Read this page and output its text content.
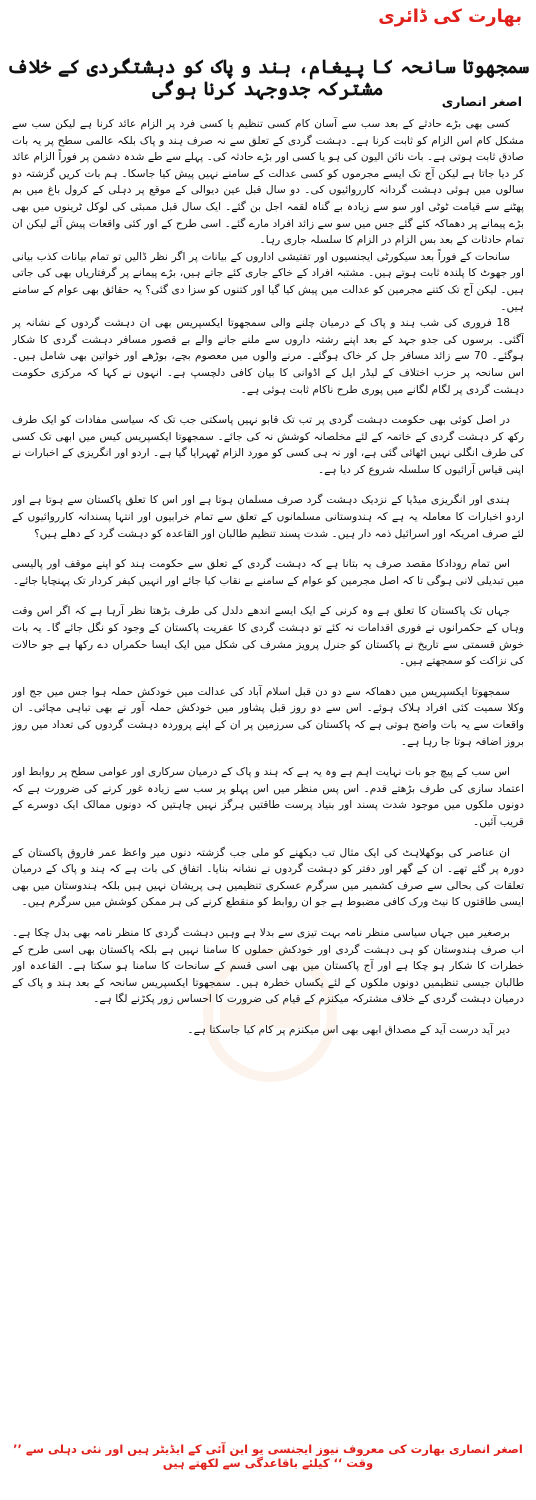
بھارت کی ڈائری
سمجھوتا سانحہ کا پیغام، ہند و پاک کو دہشتگردی کے خلاف مشترکہ جدوجہد کرنا ہوگی
اصغر انصاری

کسی بھی بڑے حادثے کے بعد سب سے آسان کام کسی تنظیم یا کسی فرد پر الزام عائد کرنا ہے لیکن سب سے مشکل کام اس الزام کو ثابت کرنا ہے۔ دہشت گردی کے تعلق سے نہ صرف ہند و پاک بلکہ عالمی سطح پر یہ بات صادق ثابت ہوتی ہے۔ بات نائن الیون کی ہو یا کسی اور بڑے حادثہ کی۔ پہلے سے طے شدہ دشمن پر فوراً الزام عائد کر دیا جاتا ہے لیکن آج تک ایسے مجرموں کو کسی عدالت کے سامنے نہیں پیش کیا جاسکا۔ ہم بات کریں گزشتہ دو سالوں میں ہوئی دہشت گردانہ کارروائیوں کی۔ دو سال قبل عین دیوالی کے موقع پر دہلی کے کرول باغ میں بم پھٹنے سے قیامت ٹوٹی اور سو سے زیادہ بے گناہ لقمہ اجل بن گئے۔ ایک سال قبل ممبئی کی لوکل ٹرینوں میں بھی بڑے پیمانے پر دھماکہ کئے گئے جس میں سو سے زائد افراد مارے گئے۔ اسی طرح کے اور کئی واقعات پیش آئے لیکن ان تمام حادثات کے بعد بس الزام در الزام کا سلسلہ جاری رہا۔

سانحات کے فوراً بعد سیکورٹی ایجنسیوں اور تفتیشی اداروں کے بیانات پر اگر نظر ڈالیں تو تمام بیانات کذب بیانی اور جھوٹ کا پلندہ ثابت ہوتے ہیں۔ مشتبہ افراد کے خاکے جاری کئے جاتے ہیں، بڑے پیمانے پر گرفتاریاں بھی کی جاتی ہیں۔ لیکن آج تک کتنے مجرمین کو عدالت میں پیش کیا گیا اور کتنوں کو سزا دی گئی؟ یہ حقائق بھی عوام کے سامنے ہیں۔

18 فروری کی شب ہند و پاک کے درمیان چلنے والی سمجھوتا ایکسپریس بھی ان دہشت گردوں کے نشانہ پر آگئی۔ برسوں کی جدو جہد کے بعد اپنے رشتہ داروں سے ملنے جانے والے بے قصور مسافر دہشت گردی کا شکار ہوگئے۔ 70 سے زائد مسافر جل کر خاک ہوگئے۔ مرنے والوں میں معصوم بچے، بوڑھے اور خواتین بھی شامل ہیں۔ اس سانحہ پر حزب اختلاف کے لیڈر ایل کے اڈوانی کا بیان کافی دلچسپ ہے۔ انہوں نے کہا کہ مرکزی حکومت دہشت گردی پر لگام لگانے میں پوری طرح ناکام ثابت ہوئی ہے۔

در اصل کوئی بھی حکومت دہشت گردی پر تب تک قابو نہیں پاسکتی جب تک کہ سیاسی مفادات کو ایک طرف رکھ کر دہشت گردی کے خاتمہ کے لئے مخلصانہ کوشش نہ کی جائے۔ سمجھوتا ایکسپریس کیس میں ابھی تک کسی کی طرف انگلی نہیں اٹھائی گئی ہے، اور نہ ہی کسی کو مورد الزام ٹھہرایا گیا ہے۔ اردو اور انگریزی کے اخبارات نے اپنی قیاس آرائیوں کا سلسلہ شروع کر دیا ہے۔

ہندی اور انگریزی میڈیا کے نزدیک دہشت گرد صرف مسلمان ہوتا ہے اور اس کا تعلق پاکستان سے ہوتا ہے اور اردو اخبارات کا معاملہ یہ ہے کہ ہندوستانی مسلمانوں کے تعلق سے تمام خرابیوں اور انتہا پسندانہ کارروائیوں کے لئے صرف امریکہ اور اسرائیل ذمہ دار ہیں۔ شدت پسند تنظیم طالبان اور القاعدہ کو دہشت گرد کے دھلے ہیں؟

اس تمام رودادکا مقصد صرف یہ بتانا ہے کہ دہشت گردی کے تعلق سے حکومت ہند کو اپنے موقف اور پالیسی میں تبدیلی لانی ہوگی تا کہ اصل مجرمین کو عوام کے سامنے بے نقاب کیا جائے اور انہیں کیفر کردار تک پہنچایا جائے۔

جہاں تک پاکستان کا تعلق ہے وہ کرنی کے ایک ایسے اندھے دلدل کی طرف بڑھتا نظر آرہا ہے کہ اگر اس وقت وہاں کے حکمرانوں نے فوری اقدامات نہ کئے تو دہشت گردی کا عفریت پاکستان کے وجود کو نگل جائے گا۔ یہ بات خوش قسمتی سے تاریخ نے پاکستان کو جنرل پرویز مشرف کی شکل میں ایک ایسا حکمراں دے رکھا ہے جو حالات کی نزاکت کو سمجھتے ہیں۔

سمجھوتا ایکسپریس میں دھماکہ سے دو دن قبل اسلام آباد کی عدالت میں خودکش حملہ ہوا جس میں جج اور وکلا سمیت کئی افراد ہلاک ہوئے۔ اس سے دو روز قبل پشاور میں خودکش حملہ آور نے بھی تباہی مچائی۔ ان واقعات سے یہ بات واضح ہوتی ہے کہ پاکستان کی سرزمین پر ان کے اپنے پروردہ دہشت گردوں کی تعداد میں روز بروز اضافہ ہوتا جا رہا ہے۔

اس سب کے پیچ جو بات نہایت اہم ہے وہ یہ ہے کہ ہند و پاک کے درمیان سرکاری اور عوامی سطح پر روابط اور اعتماد سازی کی طرف بڑھتے قدم۔ اس پس منظر میں اس پہلو پر سب سے زیادہ غور کرنے کی ضرورت ہے کہ دونوں ملکوں میں موجود شدت پسند اور بنیاد پرست طاقتیں ہرگز نہیں چاہتیں کہ دونوں ممالک ایک دوسرے کے قریب آئیں۔

ان عناصر کی بوکھلاہٹ کی ایک مثال تب دیکھنے کو ملی جب گزشتہ دنوں میر واعظ عمر فاروق پاکستان کے دورہ پر گئے تھے۔ ان کے گھر اور دفتر کو دہشت گردوں نے نشانہ بنایا۔ اتفاق کی بات ہے کہ ہند و پاک کے درمیان تعلقات کی بحالی سے صرف کشمیر میں سرگرم عسکری تنظیمیں ہی پریشان نہیں ہیں بلکہ ہندوستان میں بھی ایسی طاقتوں کا نیٹ ورک کافی مضبوط ہے جو ان روابط کو منقطع کرنے کی ہر ممکن کوشش میں سرگرم ہیں۔

برصغیر میں جہاں سیاسی منظر نامہ بہت تیزی سے بدلا ہے وہیں دہشت گردی کا منظر نامہ بھی بدل چکا ہے۔ اب صرف ہندوستان کو ہی دہشت گردی اور خودکش حملوں کا سامنا نہیں ہے بلکہ پاکستان بھی اسی طرح کے خطرات کا شکار ہو چکا ہے اور آج پاکستان میں بھی اسی قسم کے سانحات کا سامنا ہو سکتا ہے۔ القاعدہ اور طالبان جیسی تنظیمیں دونوں ملکوں کے لئے یکساں خطرہ ہیں۔ سمجھوتا ایکسپریس سانحہ کے بعد ہند و پاک کے درمیان دہشت گردی کے خلاف مشترکہ میکنزم کے قیام کی ضرورت کا احساس زور پکڑنے لگا ہے۔

دیر آید درست آید کے مصداق ابھی بھی اس میکنزم پر کام کیا جاسکتا ہے۔

اصغر انصاری بھارت کی معروف نیوز ایجنسی یو این آئی کے ایڈیٹر ہیں اور نئی دہلی سے ’’ وقت ‘‘ کیلئے باقاعدگی سے لکھتے ہیں
